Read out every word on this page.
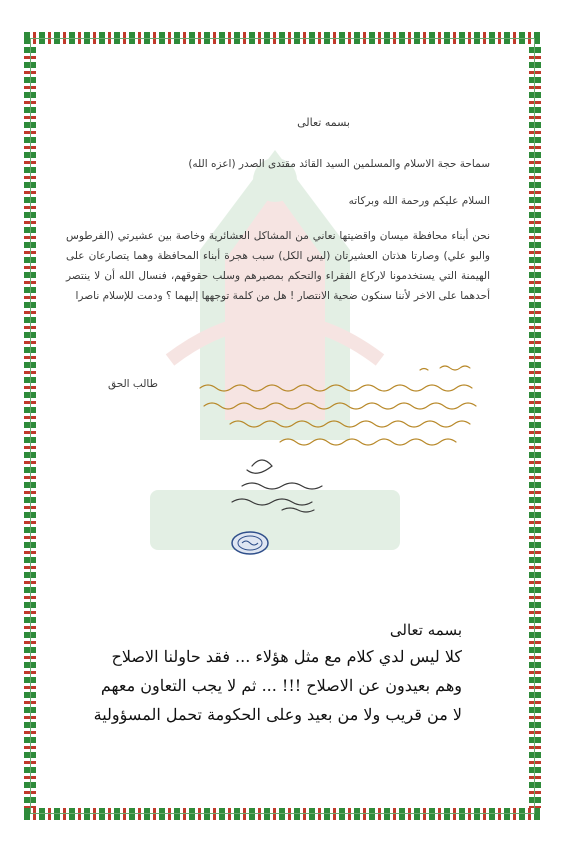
بسمه تعالى
سماحة حجة الاسلام والمسلمين السيد القائد مقتدى الصدر (اعزه الله)
السلام عليكم ورحمة الله وبركاته
نحن أبناء محافظة ميسان واقضيتها نعاني من المشاكل العشائرية وخاصة بين عشيرتي (الفرطوس والبو علي) وصارتا هذتان العشيرتان (ليس الكل) سبب هجرة أبناء المحافظة وهما يتصارعان على الهيمنة التي يستخدمونا لاركاع الفقراء والتحكم بمصيرهم وسلب حقوقهم، فنسال الله أن لا ينتصر أحدهما على الاخر لأننا سنكون ضحية الانتصار ! هل من كلمة توجهها إليهما ؟ ودمت للإسلام ناصرا
طالب الحق
بسمه تعالى
كلا ليس لدي كلام مع مثل هؤلاء ... فقد حاولنا الاصلاح
وهم بعيدون عن الاصلاح !!! ... ثم لا يجب التعاون معهم
لا من قريب ولا من بعيد وعلى الحكومة تحمل المسؤولية
